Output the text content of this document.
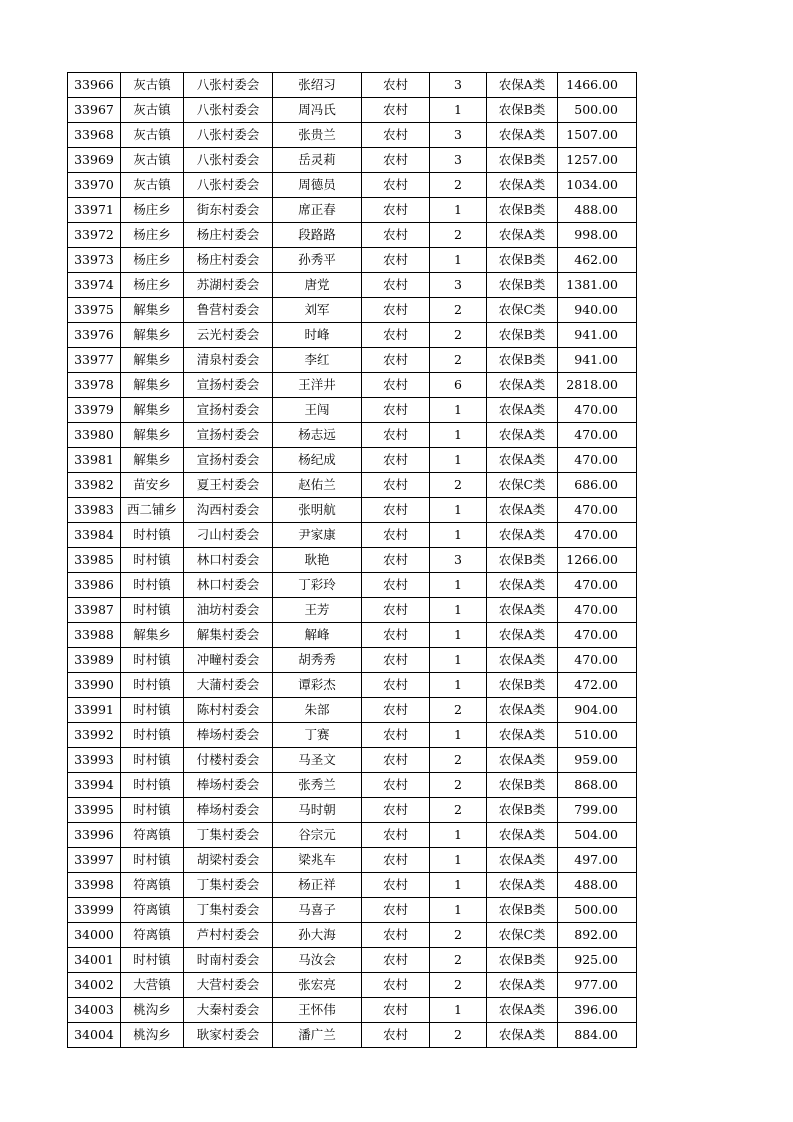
33966	灰古镇	八张村委会	张绍习	农村	3	农保A类	1466.00
33967	灰古镇	八张村委会	周冯氏	农村	1	农保B类	500.00
33968	灰古镇	八张村委会	张贵兰	农村	3	农保A类	1507.00
33969	灰古镇	八张村委会	岳灵莉	农村	3	农保B类	1257.00
33970	灰古镇	八张村委会	周德员	农村	2	农保A类	1034.00
33971	杨庄乡	街东村委会	席正春	农村	1	农保B类	488.00
33972	杨庄乡	杨庄村委会	段路路	农村	2	农保A类	998.00
33973	杨庄乡	杨庄村委会	孙秀平	农村	1	农保B类	462.00
33974	杨庄乡	苏湖村委会	唐党	农村	3	农保B类	1381.00
33975	解集乡	鲁营村委会	刘军	农村	2	农保C类	940.00
33976	解集乡	云光村委会	时峰	农村	2	农保B类	941.00
33977	解集乡	清泉村委会	李红	农村	2	农保B类	941.00
33978	解集乡	宣扬村委会	王洋井	农村	6	农保A类	2818.00
33979	解集乡	宣扬村委会	王闯	农村	1	农保A类	470.00
33980	解集乡	宣扬村委会	杨志远	农村	1	农保A类	470.00
33981	解集乡	宣扬村委会	杨纪成	农村	1	农保A类	470.00
33982	苗安乡	夏王村委会	赵佑兰	农村	2	农保C类	686.00
33983	西二铺乡	沟西村委会	张明航	农村	1	农保A类	470.00
33984	时村镇	刁山村委会	尹家康	农村	1	农保A类	470.00
33985	时村镇	林口村委会	耿艳	农村	3	农保B类	1266.00
33986	时村镇	林口村委会	丁彩玲	农村	1	农保A类	470.00
33987	时村镇	油坊村委会	王芳	农村	1	农保A类	470.00
33988	解集乡	解集村委会	解峰	农村	1	农保A类	470.00
33989	时村镇	冲疃村委会	胡秀秀	农村	1	农保A类	470.00
33990	时村镇	大蒲村委会	谭彩杰	农村	1	农保B类	472.00
33991	时村镇	陈村村委会	朱部	农村	2	农保A类	904.00
33992	时村镇	棒场村委会	丁赛	农村	1	农保A类	510.00
33993	时村镇	付楼村委会	马圣文	农村	2	农保A类	959.00
33994	时村镇	棒场村委会	张秀兰	农村	2	农保B类	868.00
33995	时村镇	棒场村委会	马时朝	农村	2	农保B类	799.00
33996	符离镇	丁集村委会	谷宗元	农村	1	农保A类	504.00
33997	时村镇	胡梁村委会	梁兆车	农村	1	农保A类	497.00
33998	符离镇	丁集村委会	杨正祥	农村	1	农保A类	488.00
33999	符离镇	丁集村委会	马喜子	农村	1	农保B类	500.00
34000	符离镇	芦村村委会	孙大海	农村	2	农保C类	892.00
34001	时村镇	时南村委会	马汝会	农村	2	农保B类	925.00
34002	大营镇	大营村委会	张宏亮	农村	2	农保A类	977.00
34003	桃沟乡	大秦村委会	王怀伟	农村	1	农保A类	396.00
34004	桃沟乡	耿家村委会	潘广兰	农村	2	农保A类	884.00
